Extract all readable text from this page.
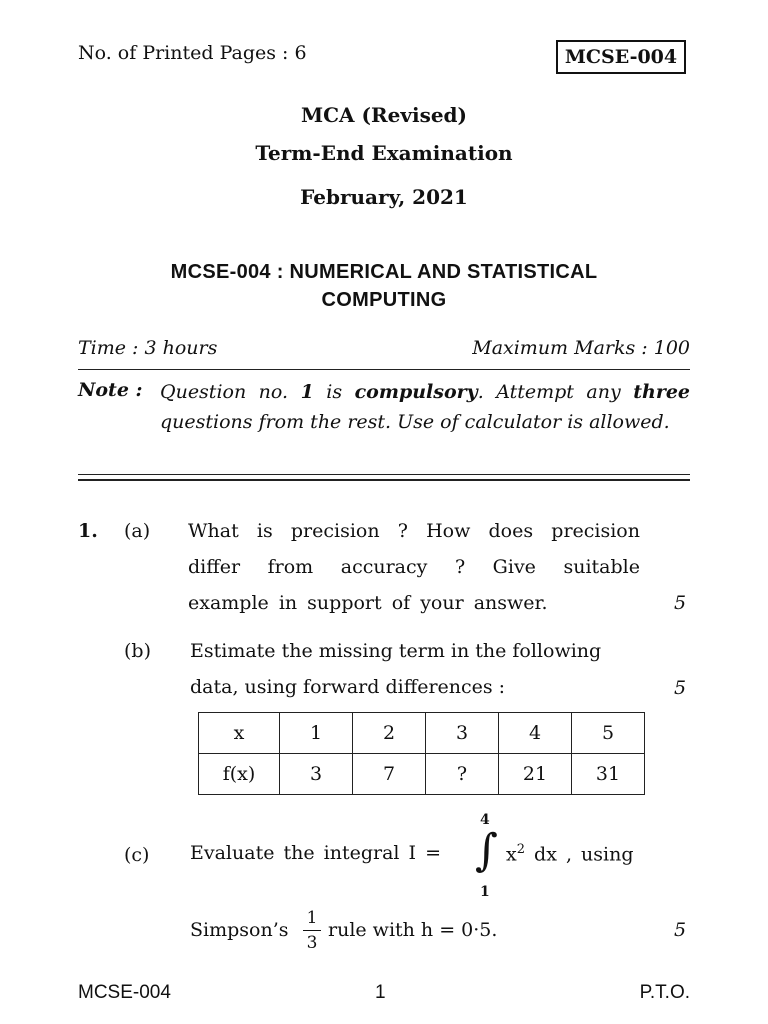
No. of Printed Pages : 6	MCSE-004
MCA (Revised)
Term-End Examination
February, 2021
MCSE-004 : NUMERICAL AND STATISTICAL
COMPUTING
Time : 3 hours	Maximum Marks : 100
Note : Question no. 1 is compulsory. Attempt any three questions from the rest. Use of calculator is allowed.
1. (a) What is precision ? How does precision differ from accuracy ? Give suitable example in support of your answer.	5
(b) Estimate the missing term in the following data, using forward differences :	5
x	1	2	3	4	5
f(x)	3	7	?	21	31
(c) Evaluate the integral I =
4
∫
1
$x^2$ dx , using
Simpson’s
1
3
rule with h = 0·5.	5
MCSE-004	1	P.T.O.
